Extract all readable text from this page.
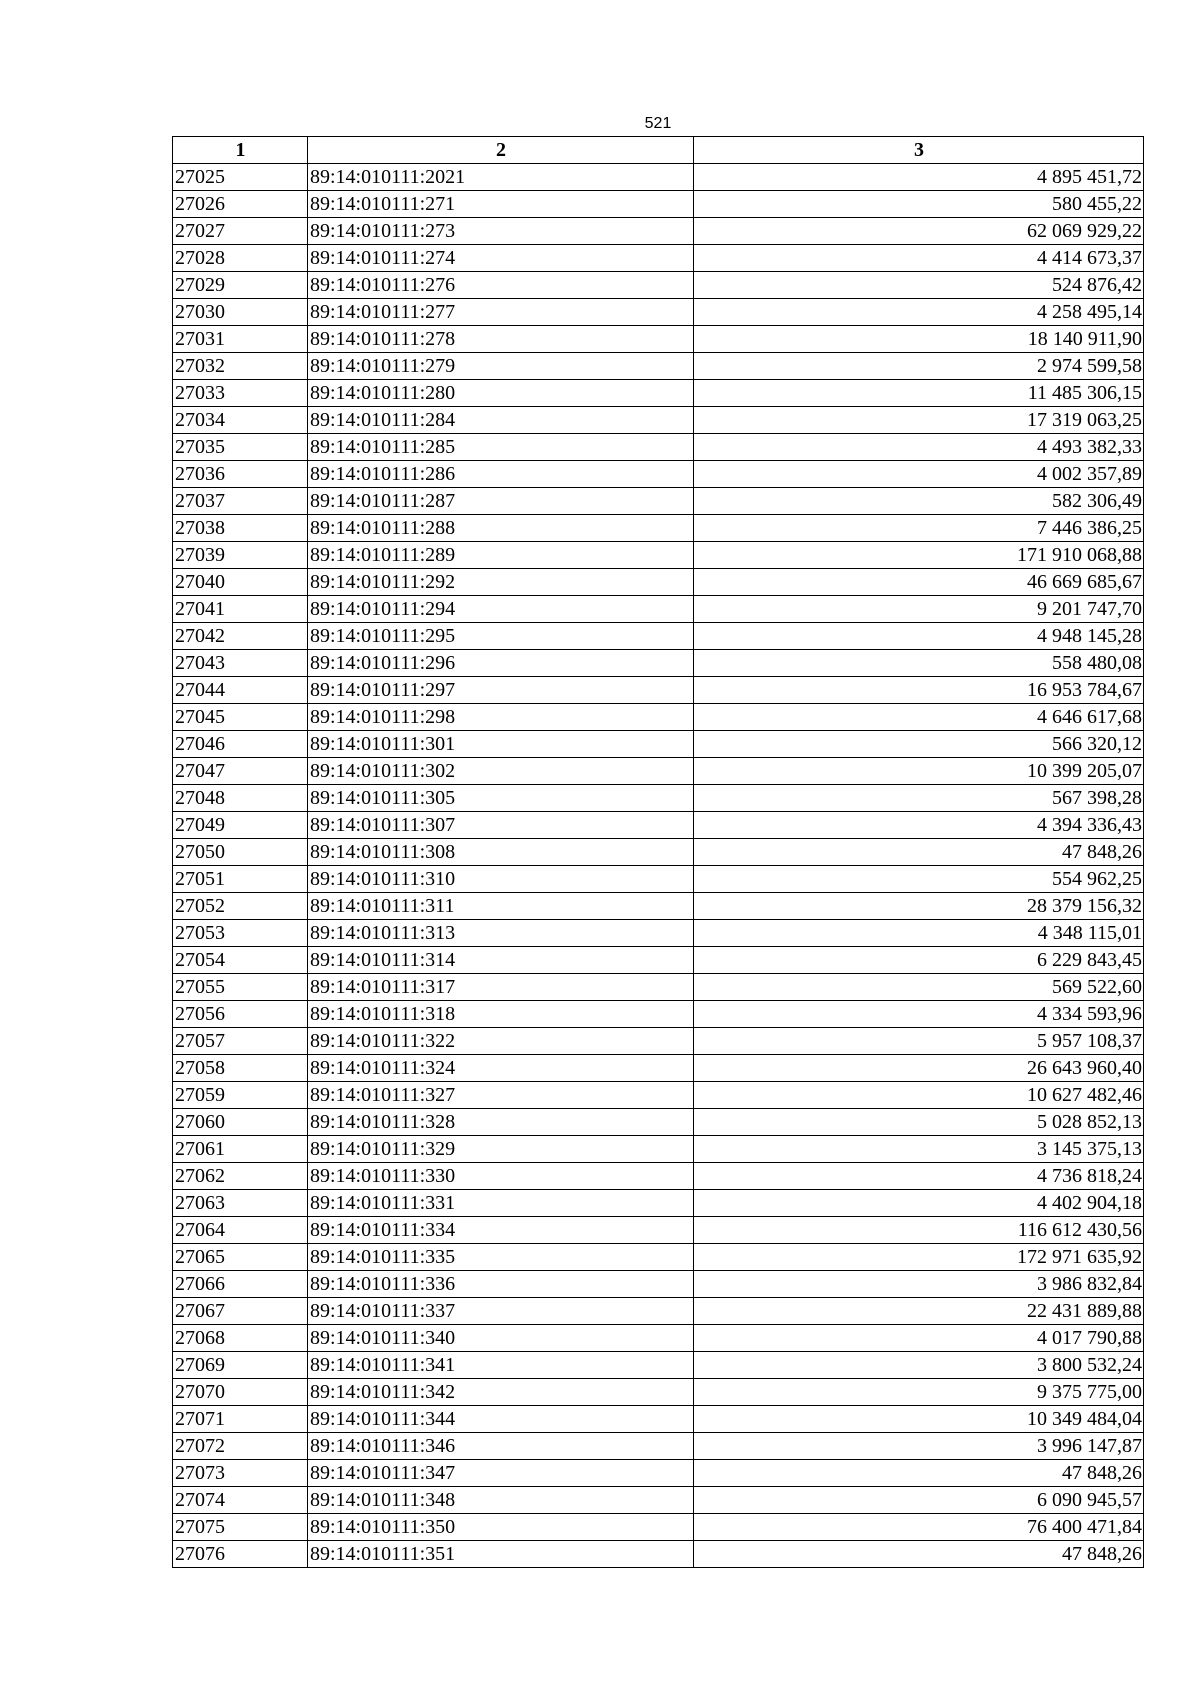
521
1	2	3
27025	89:14:010111:2021	4 895 451,72
27026	89:14:010111:271	580 455,22
27027	89:14:010111:273	62 069 929,22
27028	89:14:010111:274	4 414 673,37
27029	89:14:010111:276	524 876,42
27030	89:14:010111:277	4 258 495,14
27031	89:14:010111:278	18 140 911,90
27032	89:14:010111:279	2 974 599,58
27033	89:14:010111:280	11 485 306,15
27034	89:14:010111:284	17 319 063,25
27035	89:14:010111:285	4 493 382,33
27036	89:14:010111:286	4 002 357,89
27037	89:14:010111:287	582 306,49
27038	89:14:010111:288	7 446 386,25
27039	89:14:010111:289	171 910 068,88
27040	89:14:010111:292	46 669 685,67
27041	89:14:010111:294	9 201 747,70
27042	89:14:010111:295	4 948 145,28
27043	89:14:010111:296	558 480,08
27044	89:14:010111:297	16 953 784,67
27045	89:14:010111:298	4 646 617,68
27046	89:14:010111:301	566 320,12
27047	89:14:010111:302	10 399 205,07
27048	89:14:010111:305	567 398,28
27049	89:14:010111:307	4 394 336,43
27050	89:14:010111:308	47 848,26
27051	89:14:010111:310	554 962,25
27052	89:14:010111:311	28 379 156,32
27053	89:14:010111:313	4 348 115,01
27054	89:14:010111:314	6 229 843,45
27055	89:14:010111:317	569 522,60
27056	89:14:010111:318	4 334 593,96
27057	89:14:010111:322	5 957 108,37
27058	89:14:010111:324	26 643 960,40
27059	89:14:010111:327	10 627 482,46
27060	89:14:010111:328	5 028 852,13
27061	89:14:010111:329	3 145 375,13
27062	89:14:010111:330	4 736 818,24
27063	89:14:010111:331	4 402 904,18
27064	89:14:010111:334	116 612 430,56
27065	89:14:010111:335	172 971 635,92
27066	89:14:010111:336	3 986 832,84
27067	89:14:010111:337	22 431 889,88
27068	89:14:010111:340	4 017 790,88
27069	89:14:010111:341	3 800 532,24
27070	89:14:010111:342	9 375 775,00
27071	89:14:010111:344	10 349 484,04
27072	89:14:010111:346	3 996 147,87
27073	89:14:010111:347	47 848,26
27074	89:14:010111:348	6 090 945,57
27075	89:14:010111:350	76 400 471,84
27076	89:14:010111:351	47 848,26
